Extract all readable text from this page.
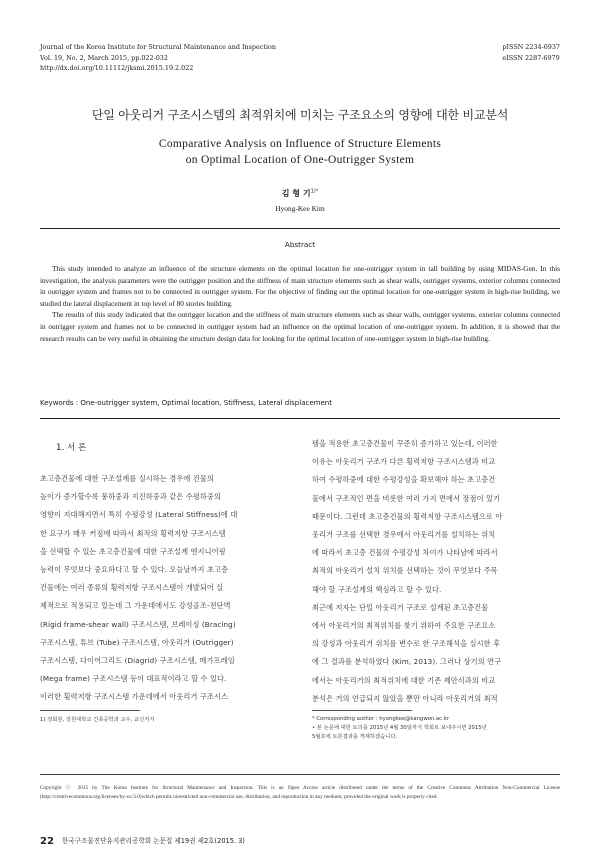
Journal of the Korea Institute for Structural Maintenance and Inspection
Vol. 19, No. 2, March 2015, pp.022-032
http://dx.doi.org/10.11112/jksmi.2015.19.2.022
pISSN 2234-6937
eISSN 2287-6979
단일 아웃리거 구조시스템의 최적위치에 미치는 구조요소의 영향에 대한 비교분석
Comparative Analysis on Influence of Structure Elements
on Optimal Location of One-Outrigger System
김 형 기$^{1)*}$
Hyong-Kee Kim
Abstract

This study intended to analyze an influence of the structure elements on the optimal location for one-outrigger system in tall building by using MIDAS-Gen. In this investigation, the analysis parameters were the outrigger position and the stiffness of main structure elements such as shear walls, outrigger systems, exterior columns connected in outrigger system and frames not to be connected in outrigger system. For the objective of finding out the optimal location for one-outrigger system in high-rise building, we studied the lateral displacement in top level of 80 stories building.

The results of this study indicated that the outrigger location and the stiffness of main structure elements such as shear walls, outrigger systems, exterior columns connected in outrigger system and frames not to be connected in outrigger system had an influence on the optimal location of one-outrigger system. In addition, it is showed that the research results can be very useful in obtaining the structure design data for looking for the optimal location of one-outrigger system in high-rise building.

Keywords : One-outrigger system, Optimal location, Stiffness, Lateral displacement
1. 서 론
초고층건물에 대한 구조설계를 실시하는 경우에 건물의
높이가 증가할수록 풍하중과 지진하중과 같은 수평하중의
영향이 지대해지면서 특히 수평강성 (Lateral Stiffness)에 대
한 요구가 매우 커짐에 따라서 최적의 횡력저항 구조시스템
을 선택할 수 있는 초고층건물에 대한 구조설계 엔지니어링
능력이 무엇보다 중요하다고 할 수 있다. 오늘날까지 초고층
건물에는 여러 종류의 횡력저항 구조시스템이 개발되어 실
제적으로 적용되고 있는데 그 가운데에서도 강성골조-전단벽
(Rigid frame-shear wall) 구조시스템, 브레이싱 (Bracing)
구조시스템, 튜브 (Tube) 구조시스템, 아웃리거 (Outrigger)
구조시스템, 다이어그리드 (Diagrid) 구조시스템, 메가프레임
(Mega frame) 구조시스템 등이 대표적이라고 할 수 있다.
이러한 횡력저항 구조시스템 가운데에서 아웃리거 구조시스
템을 적용한 초고층건물이 꾸준히 증가하고 있는데, 이러한
이유는 아웃리거 구조가 다른 횡력저항 구조시스템과 비교
하여 수평하중에 대한 수평강성을 확보해야 하는 초고층건
물에서 구조적인 면을 비롯한 여러 가지 면에서 장점이 있기
때문이다. 그런데 초고층건물의 횡력저항 구조시스템으로 아
웃리거 구조를 선택한 경우에서 아웃리거를 설치하는 위치
에 따라서 초고층 건물의 수평강성 차이가 나타남에 따라서
최적의 아웃리거 설치 위치를 선택하는 것이 무엇보다 주목
해야 할 구조설계의 핵심라고 할 수 있다.
최근에 저자는 단일 아웃리거 구조로 설계된 초고층건물
에서 아웃리거의 최적위치를 찾기 위하여 주요한 구조요소
의 강성과 아웃리거 위치를 변수로 한 구조해석을 실시한 후
에 그 결과를 분석하였다 (Kim, 2013). 그러나 상기의 연구
에서는 아웃리거의 최적위치에 대한 기존 제안식과의 비교
분석은 거의 언급되지 않았을 뿐만 아니라 아웃리거의 최적
1) 정회원, 강원대학교 건축공학과 교수, 교신저자	* Corresponding author : hyongkee@kangwon.ac.kr
• 본 논문에 대한 토의를 2015년 4월 30일까지 학회로 보내주시면 2015년
5월호에 토론결과를 게재하겠습니다.
Copyright ⓒ 2015 by The Korea Institute for Structural Maintenance and Inspection. This is an Open Access article distributed under the terms of the Creative Commons Attribution Non-Commercial License (http://creativecommons.org/licenses/by-nc/3.0)which permits unrestricted non-commercial use, distribution, and reproduction in any medium, provided the original work is properly cited.
22 한국구조물진단유지관리공학회 논문집 제19권 제2호(2015. 3)
